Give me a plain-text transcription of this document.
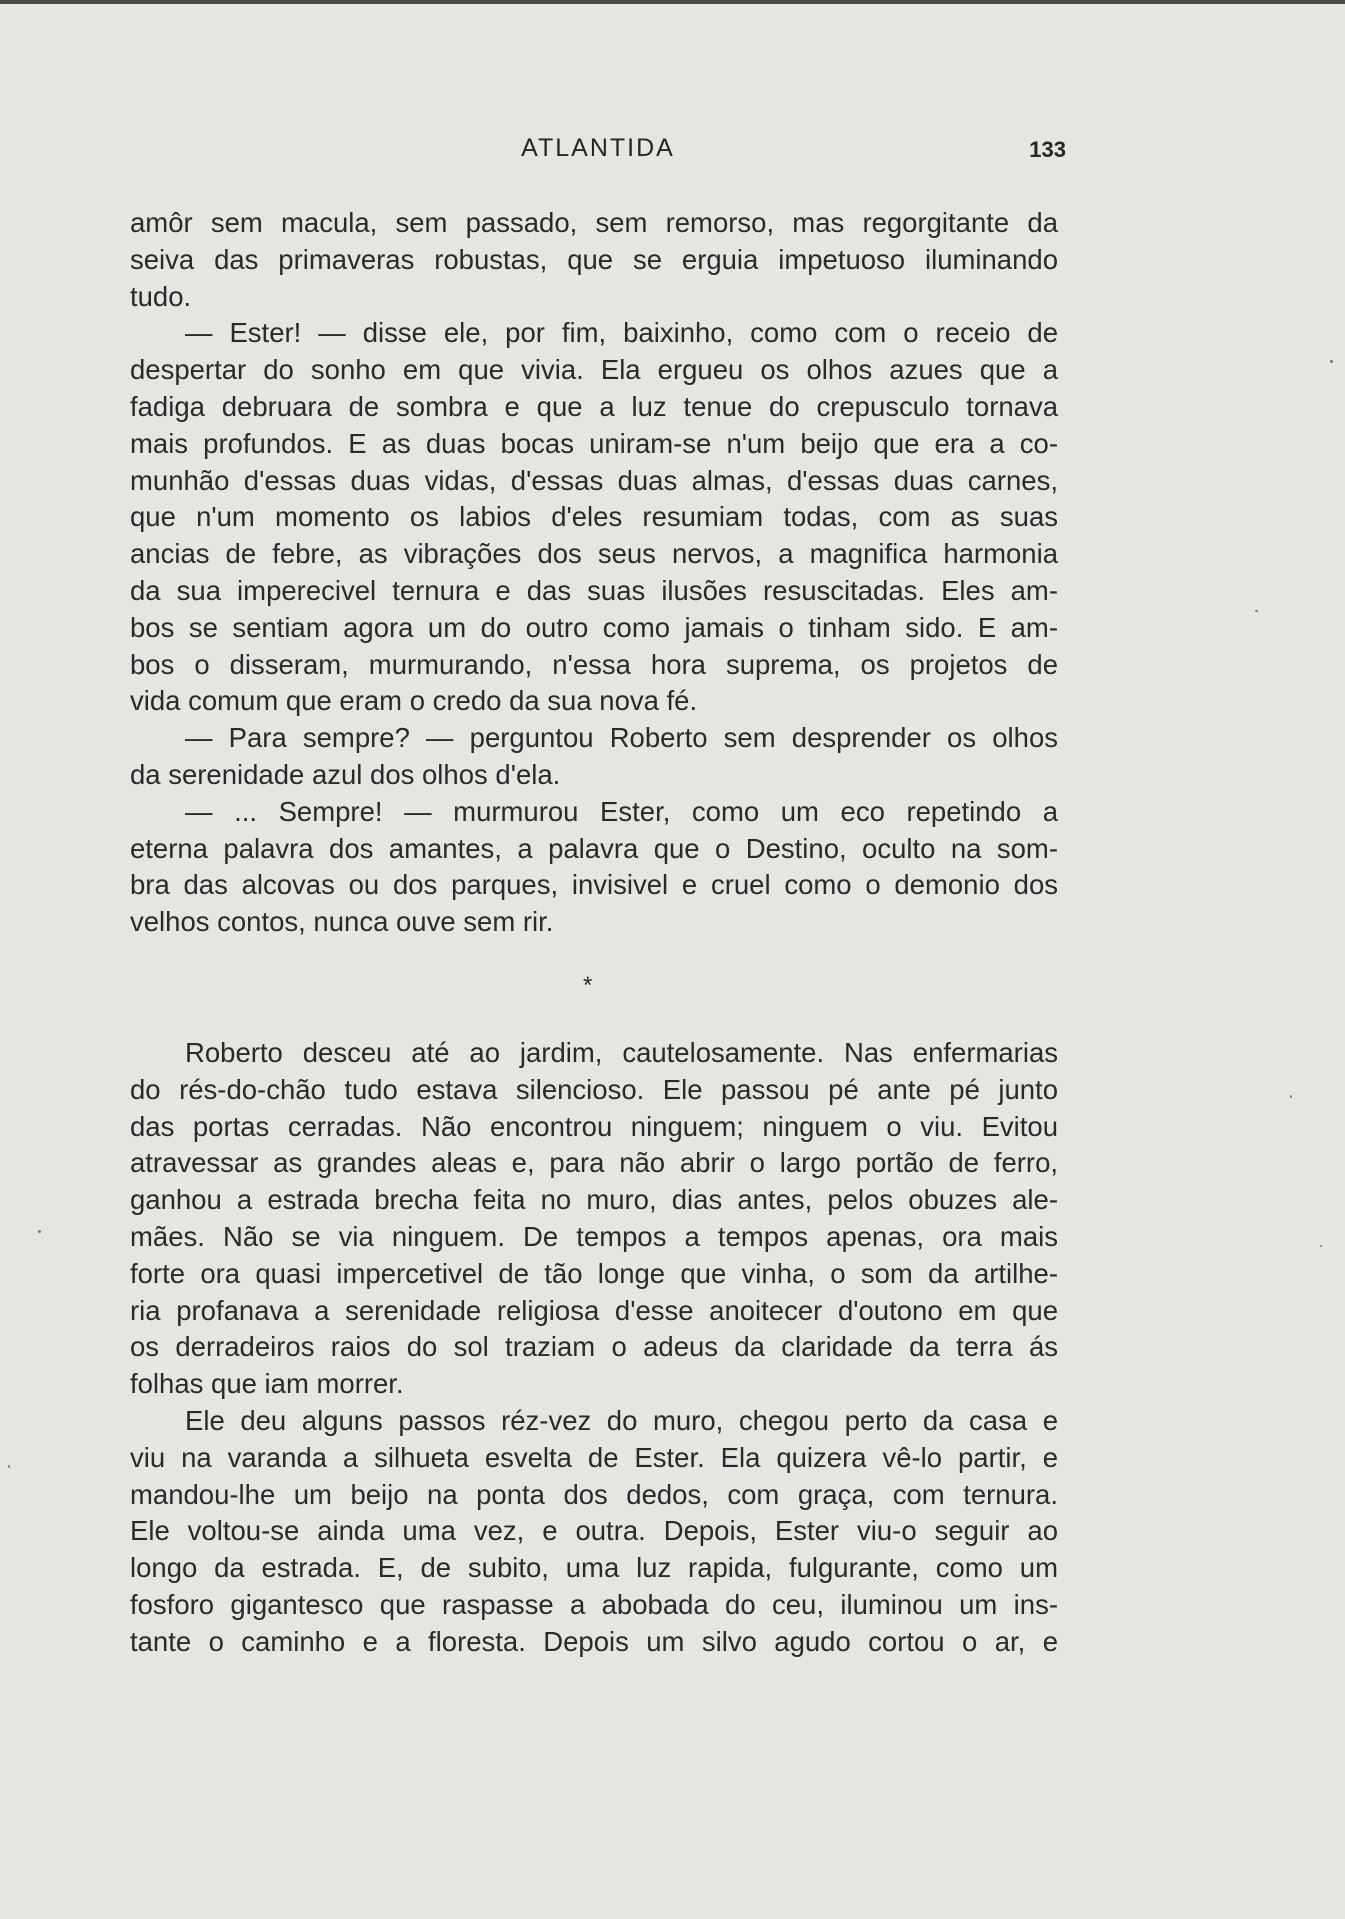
ATLANTIDA	133
amôr sem macula, sem passado, sem remorso, mas regorgitante da
seiva das primaveras robustas, que se erguia impetuoso iluminando
tudo.
— Ester! — disse ele, por fim, baixinho, como com o receio de
despertar do sonho em que vivia. Ela ergueu os olhos azues que a
fadiga debruara de sombra e que a luz tenue do crepusculo tornava
mais profundos. E as duas bocas uniram-se n'um beijo que era a co-
munhão d'essas duas vidas, d'essas duas almas, d'essas duas carnes,
que n'um momento os labios d'eles resumiam todas, com as suas
ancias de febre, as vibrações dos seus nervos, a magnifica harmonia
da sua imperecivel ternura e das suas ilusões resuscitadas. Eles am-
bos se sentiam agora um do outro como jamais o tinham sido. E am-
bos o disseram, murmurando, n'essa hora suprema, os projetos de
vida comum que eram o credo da sua nova fé.
— Para sempre? — perguntou Roberto sem desprender os olhos
da serenidade azul dos olhos d'ela.
— ... Sempre! — murmurou Ester, como um eco repetindo a
eterna palavra dos amantes, a palavra que o Destino, oculto na som-
bra das alcovas ou dos parques, invisivel e cruel como o demonio dos
velhos contos, nunca ouve sem rir.
*
Roberto desceu até ao jardim, cautelosamente. Nas enfermarias
do rés-do-chão tudo estava silencioso. Ele passou pé ante pé junto
das portas cerradas. Não encontrou ninguem; ninguem o viu. Evitou
atravessar as grandes aleas e, para não abrir o largo portão de ferro,
ganhou a estrada brecha feita no muro, dias antes, pelos obuzes ale-
mães. Não se via ninguem. De tempos a tempos apenas, ora mais
forte ora quasi impercetivel de tão longe que vinha, o som da artilhe-
ria profanava a serenidade religiosa d'esse anoitecer d'outono em que
os derradeiros raios do sol traziam o adeus da claridade da terra ás
folhas que iam morrer.
Ele deu alguns passos réz-vez do muro, chegou perto da casa e
viu na varanda a silhueta esvelta de Ester. Ela quizera vê-lo partir, e
mandou-lhe um beijo na ponta dos dedos, com graça, com ternura.
Ele voltou-se ainda uma vez, e outra. Depois, Ester viu-o seguir ao
longo da estrada. E, de subito, uma luz rapida, fulgurante, como um
fosforo gigantesco que raspasse a abobada do ceu, iluminou um ins-
tante o caminho e a floresta. Depois um silvo agudo cortou o ar, e
